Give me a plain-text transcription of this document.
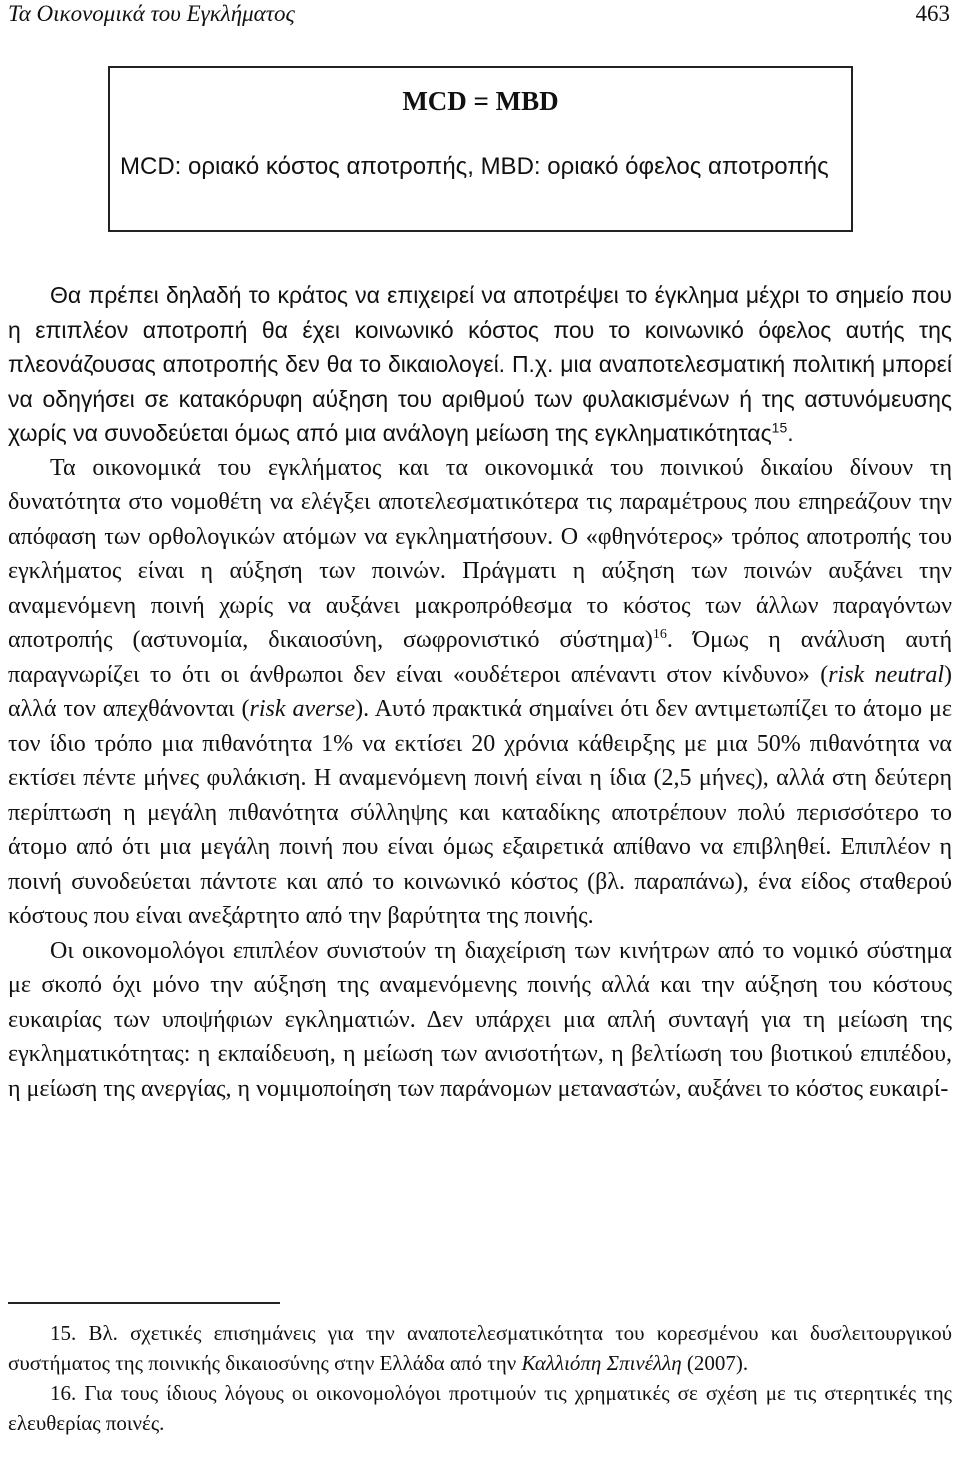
Τα Οικονομικά του Εγκλήματος	463
MCD = MBD
MCD: οριακό κόστος αποτροπής, MBD: οριακό όφελος αποτροπής

Θα πρέπει δηλαδή το κράτος να επιχειρεί να αποτρέψει το έγκλημα μέχρι το σημείο που η επιπλέον αποτροπή θα έχει κοινωνικό κόστος που το κοινωνικό όφελος αυτής της πλεονάζουσας αποτροπής δεν θα το δικαιολογεί. Π.χ. μια αναποτελεσματική πολιτική μπορεί να οδηγήσει σε κατακόρυφη αύξηση του αριθμού των φυλακισμένων ή της αστυνόμευσης χωρίς να συνοδεύεται όμως από μια ανάλογη μείωση της εγκληματικότητας$^{15}$.

Τα οικονομικά του εγκλήματος και τα οικονομικά του ποινικού δικαίου δίνουν τη δυνατότητα στο νομοθέτη να ελέγξει αποτελεσματικότερα τις παραμέτρους που επηρεάζουν την απόφαση των ορθολογικών ατόμων να εγκληματήσουν. Ο «φθηνότερος» τρόπος αποτροπής του εγκλήματος είναι η αύξηση των ποινών. Πράγματι η αύξηση των ποινών αυξάνει την αναμενόμενη ποινή χωρίς να αυξάνει μακροπρόθεσμα το κόστος των άλλων παραγόντων αποτροπής (αστυνομία, δικαιοσύνη, σωφρονιστικό σύστημα)$^{16}$. Όμως η ανάλυση αυτή παραγνωρίζει το ότι οι άνθρωποι δεν είναι «ουδέτεροι απέναντι στον κίνδυνο» (risk neutral) αλλά τον απεχθάνονται (risk averse). Αυτό πρακτικά σημαίνει ότι δεν αντιμετωπίζει το άτομο με τον ίδιο τρόπο μια πιθανότητα 1% να εκτίσει 20 χρόνια κάθειρξης με μια 50% πιθανότητα να εκτίσει πέντε μήνες φυλάκιση. Η αναμενόμενη ποινή είναι η ίδια (2,5 μήνες), αλλά στη δεύτερη περίπτωση η μεγάλη πιθανότητα σύλληψης και καταδίκης αποτρέπουν πολύ περισσότερο το άτομο από ότι μια μεγάλη ποινή που είναι όμως εξαιρετικά απίθανο να επιβληθεί. Επιπλέον η ποινή συνοδεύεται πάντοτε και από το κοινωνικό κόστος (βλ. παραπάνω), ένα είδος σταθερού κόστους που είναι ανεξάρτητο από την βαρύτητα της ποινής.

Οι οικονομολόγοι επιπλέον συνιστούν τη διαχείριση των κινήτρων από το νομικό σύστημα με σκοπό όχι μόνο την αύξηση της αναμενόμενης ποινής αλλά και την αύξηση του κόστους ευκαιρίας των υποψήφιων εγκληματιών. Δεν υπάρχει μια απλή συνταγή για τη μείωση της εγκληματικότητας: η εκπαίδευση, η μείωση των ανισοτήτων, η βελτίωση του βιοτικού επιπέδου, η μείωση της ανεργίας, η νομιμοποίηση των παράνομων μεταναστών, αυξάνει το κόστος ευκαιρί-

15. Βλ. σχετικές επισημάνεις για την αναποτελεσματικότητα του κορεσμένου και δυσλειτουργικού συστήματος της ποινικής δικαιοσύνης στην Ελλάδα από την Καλλιόπη Σπινέλλη (2007).

16. Για τους ίδιους λόγους οι οικονομολόγοι προτιμούν τις χρηματικές σε σχέση με τις στερητικές της ελευθερίας ποινές.
